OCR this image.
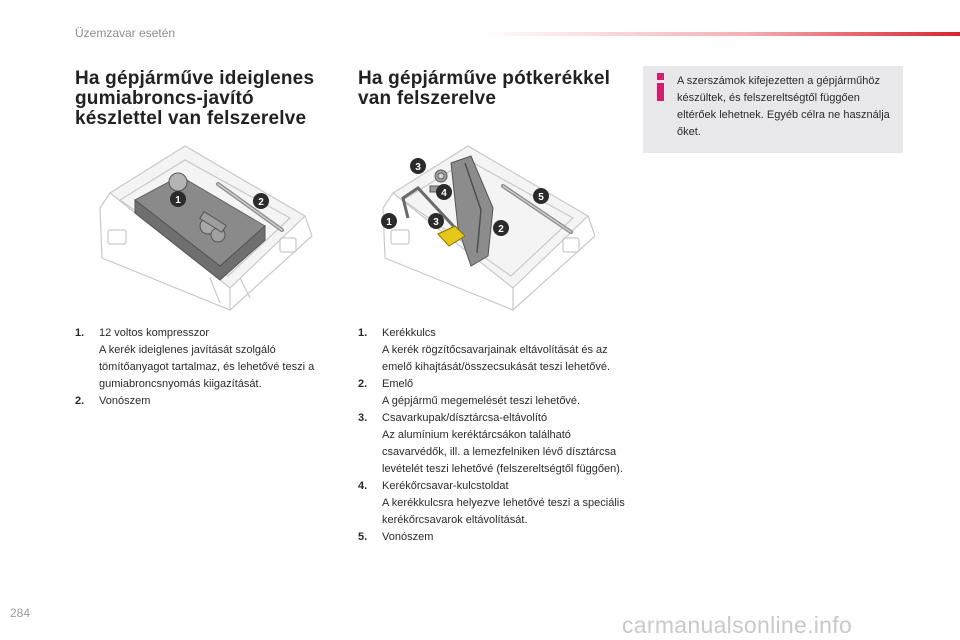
Üzemzavar esetén
Ha gépjárműve ideiglenes gumiabroncs-javító készlettel van felszerelve
Ha gépjárműve pótkerékkel van felszerelve
A szerszámok kifejezetten a gépjárműhöz készültek, és felszereltségtől függően eltérőek lehetnek. Egyéb célra ne használja őket.
1	2
1
2
3
3
4	5
1. 12 voltos kompresszor
A kerék ideiglenes javítását szolgáló tömítőanyagot tartalmaz, és lehetővé teszi a gumiabroncsnyomás kiigazítását.
2. Vonószem
1. Kerékkulcs
A kerék rögzítőcsavarjainak eltávolítását és az emelő kihajtását/összecsukását teszi lehetővé.
2. Emelő
A gépjármű megemelését teszi lehetővé.
3. Csavarkupak/dísztárcsa-eltávolító
Az alumínium keréktárcsákon található csavarvédők, ill. a lemezfelniken lévő dísztárcsa levételét teszi lehetővé (felszereltségtől függően).
4. Kerékőrcsavar-kulcstoldat
A kerékkulcsra helyezve lehetővé teszi a speciális kerékőrcsavarok eltávolítását.
5. Vonószem
284	carmanualsonline.info
